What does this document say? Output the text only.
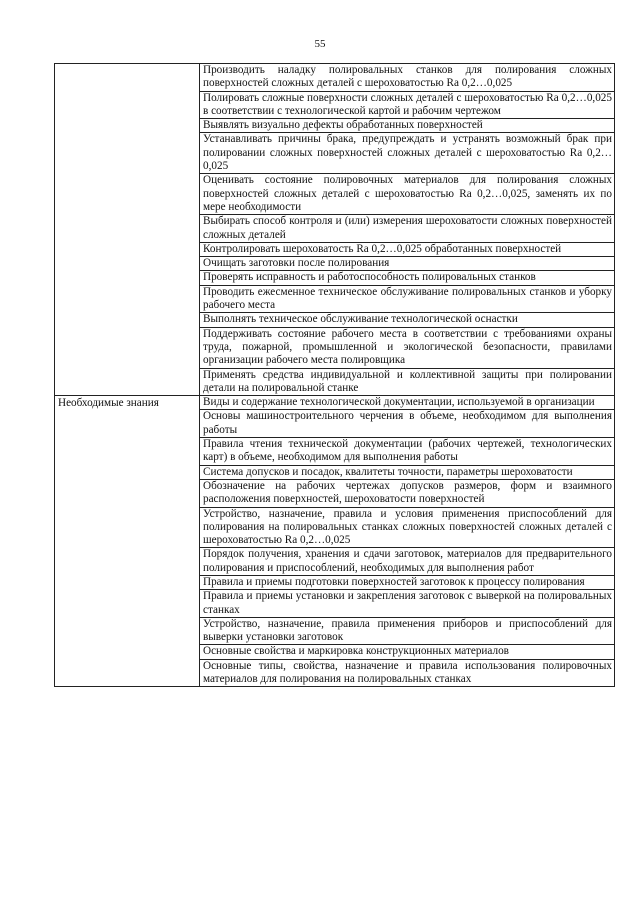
55
	Производить наладку полировальных станков для полирования сложных поверхностей сложных деталей с шероховатостью Ra 0,2…0,025
	Полировать сложные поверхности сложных деталей с шероховатостью Ra 0,2…0,025 в соответствии с технологической картой и рабочим чертежом
	Выявлять визуально дефекты обработанных поверхностей
	Устанавливать причины брака, предупреждать и устранять возможный брак при полировании сложных поверхностей сложных деталей с шероховатостью Ra 0,2…0,025
	Оценивать состояние полировочных материалов для полирования сложных поверхностей сложных деталей с шероховатостью Ra 0,2…0,025, заменять их по мере необходимости
	Выбирать способ контроля и (или) измерения шероховатости сложных поверхностей сложных деталей
	Контролировать шероховатость Ra 0,2…0,025 обработанных поверхностей
	Очищать заготовки после полирования
	Проверять исправность и работоспособность полировальных станков
	Проводить ежесменное техническое обслуживание полировальных станков и уборку рабочего места
	Выполнять техническое обслуживание технологической оснастки
	Поддерживать состояние рабочего места в соответствии с требованиями охраны труда, пожарной, промышленной и экологической безопасности, правилами организации рабочего места полировщика
	Применять средства индивидуальной и коллективной защиты при полировании детали на полировальной станке

Необходимые знания	Виды и содержание технологической документации, используемой в организации
	Основы машиностроительного черчения в объеме, необходимом для выполнения работы
	Правила чтения технической документации (рабочих чертежей, технологических карт) в объеме, необходимом для выполнения работы
	Система допусков и посадок, квалитеты точности, параметры шероховатости
	Обозначение на рабочих чертежах допусков размеров, форм и взаимного расположения поверхностей, шероховатости поверхностей
	Устройство, назначение, правила и условия применения приспособлений для полирования на полировальных станках сложных поверхностей сложных деталей с шероховатостью Ra 0,2…0,025
	Порядок получения, хранения и сдачи заготовок, материалов для предварительного полирования и приспособлений, необходимых для выполнения работ
	Правила и приемы подготовки поверхностей заготовок к процессу полирования
	Правила и приемы установки и закрепления заготовок с выверкой на полировальных станках
	Устройство, назначение, правила применения приборов и приспособлений для выверки установки заготовок
	Основные свойства и маркировка конструкционных материалов
	Основные типы, свойства, назначение и правила использования полировочных материалов для полирования на полировальных станках
